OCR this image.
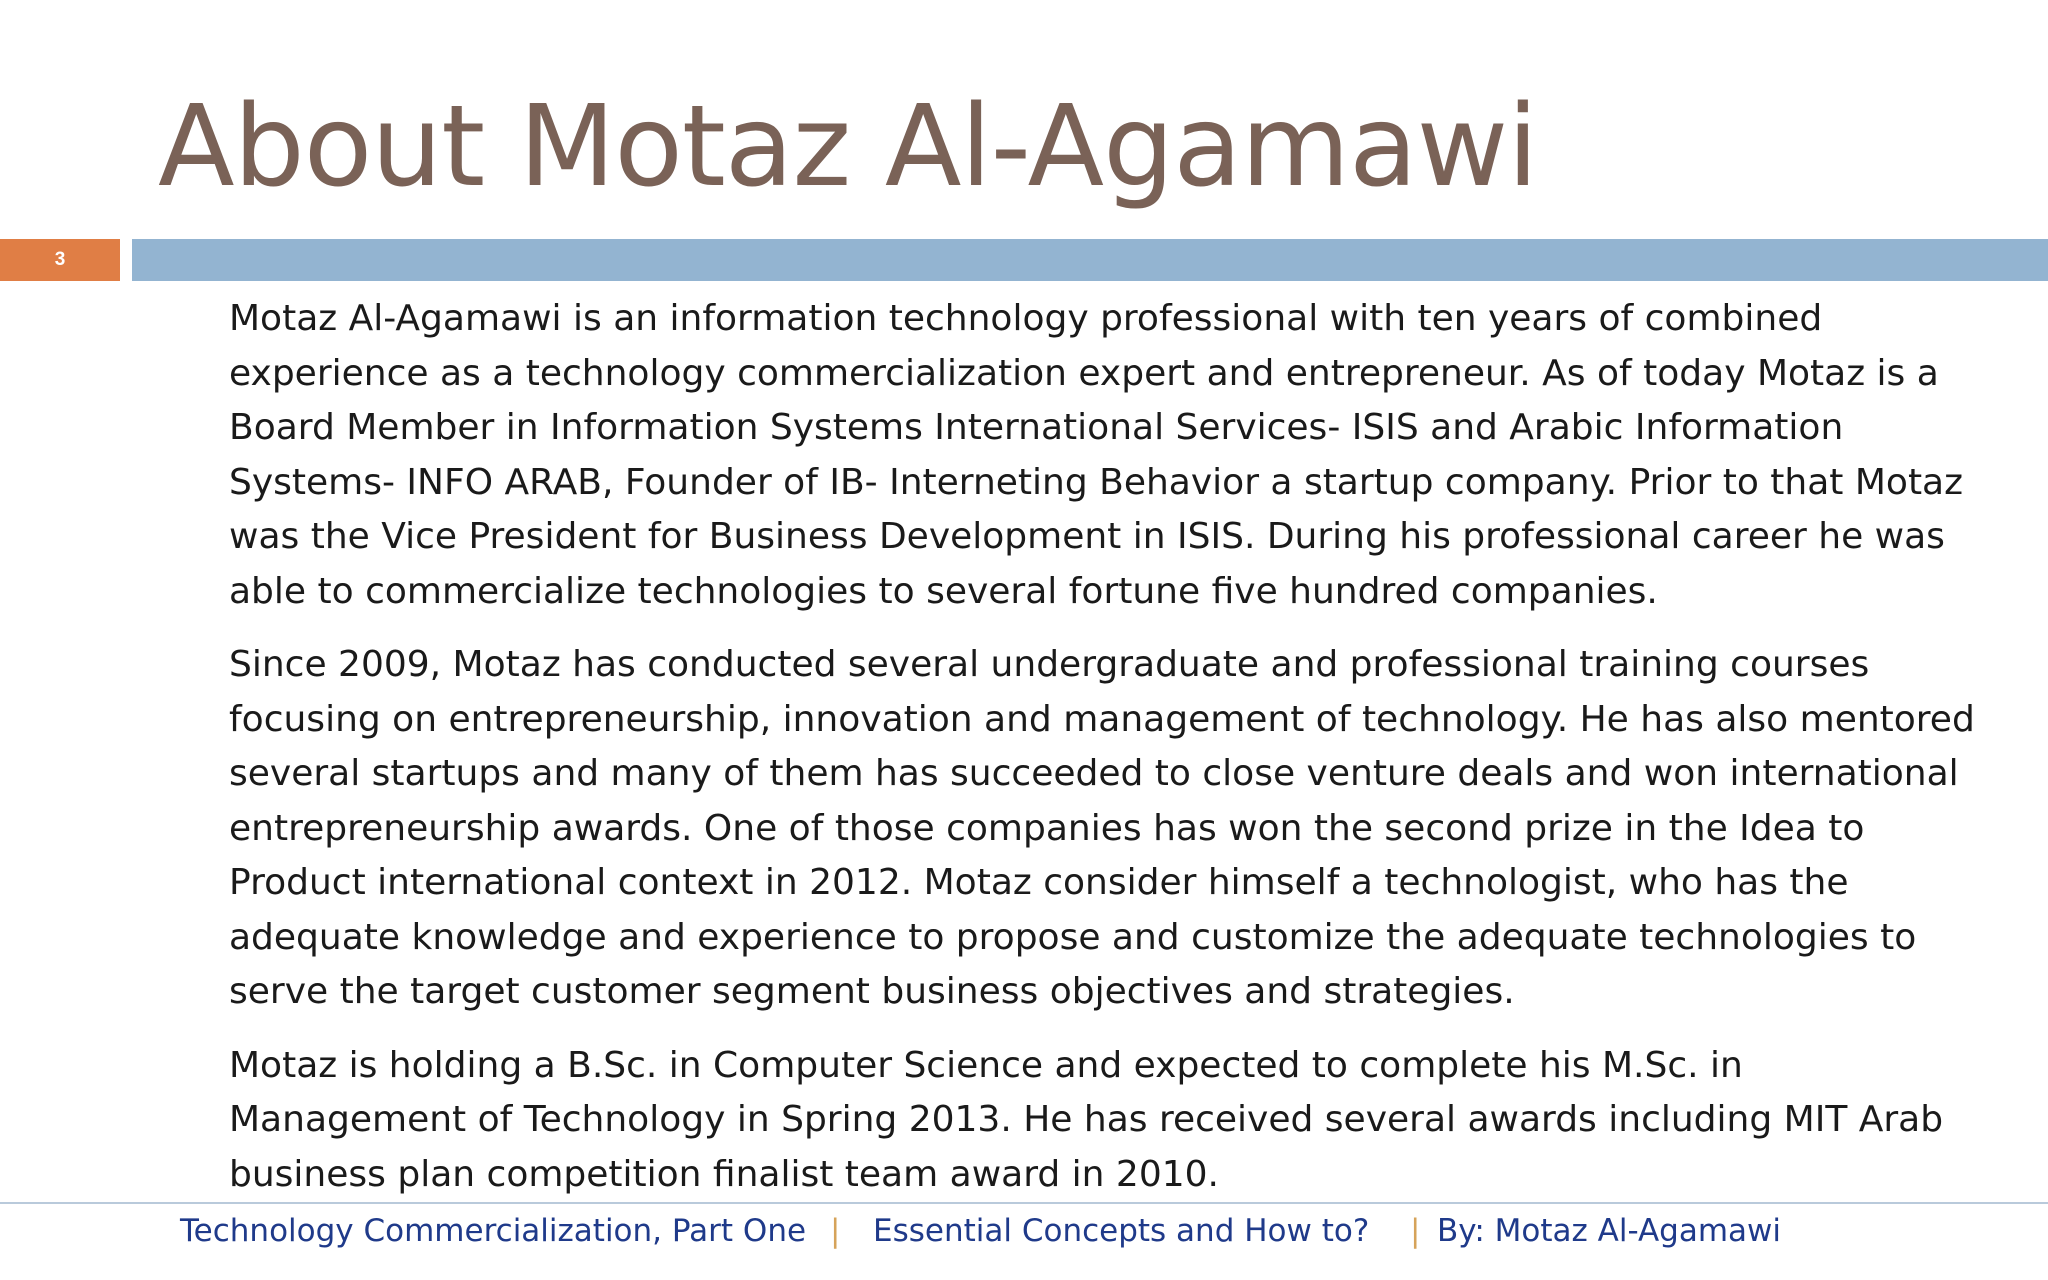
About Motaz Al-Agamawi
3

Motaz Al-Agamawi is an information technology professional with ten years of combined experience as a technology commercialization expert and entrepreneur. As of today Motaz is a Board Member in Information Systems International Services- ISIS and Arabic Information Systems- INFO ARAB, Founder of IB- Interneting Behavior a startup company. Prior to that Motaz was the Vice President for Business Development in ISIS. During his professional career he was able to commercialize technologies to several fortune five hundred companies.

Since 2009, Motaz has conducted several undergraduate and professional training courses focusing on entrepreneurship, innovation and management of technology. He has also mentored several startups and many of them has succeeded to close venture deals and won international entrepreneurship awards. One of those companies has won the second prize in the Idea to Product international context in 2012. Motaz consider himself a technologist, who has the adequate knowledge and experience to propose and customize the adequate technologies to serve the target customer segment business objectives and strategies.

Motaz is holding a B.Sc. in Computer Science and expected to complete his M.Sc. in Management of Technology in Spring 2013. He has received several awards including MIT Arab business plan competition finalist team award in 2010.

Technology Commercialization, Part One | Essential Concepts and How to? | By: Motaz Al-Agamawi
